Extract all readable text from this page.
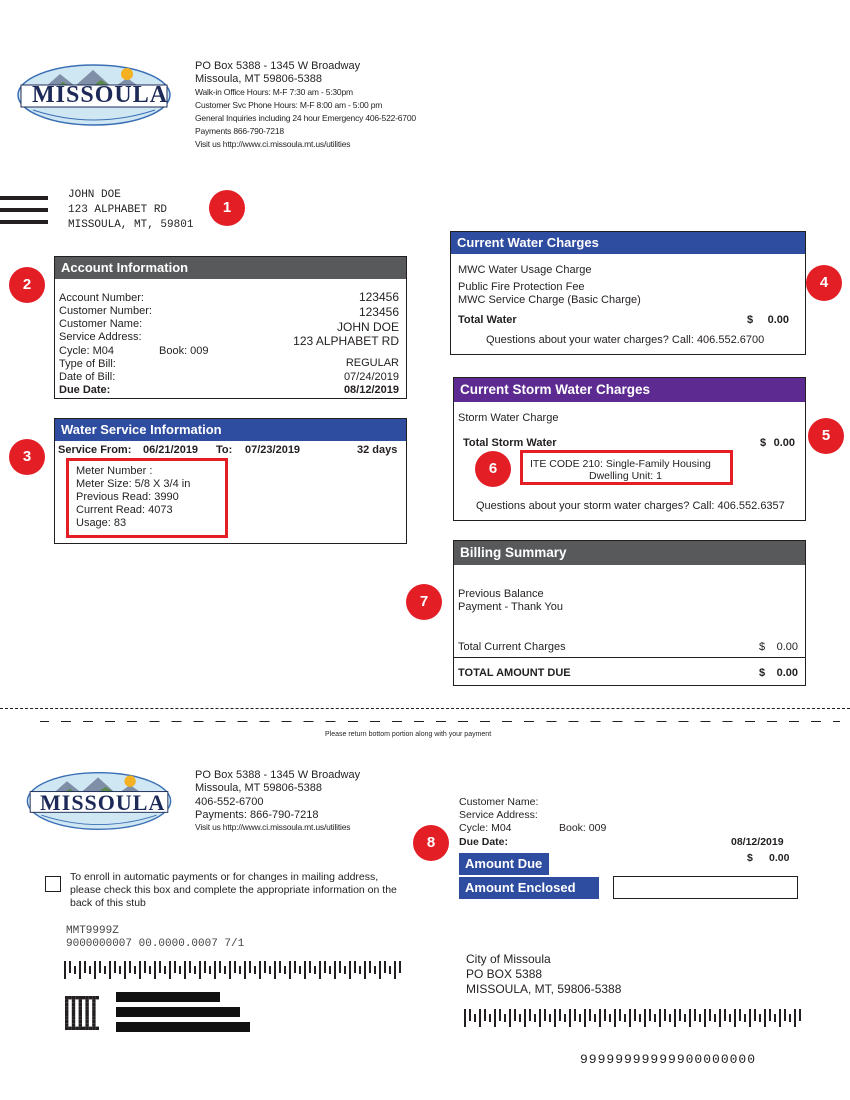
MISSOULA
PO Box 5388 - 1345 W Broadway
Missoula, MT 59806-5388
Walk-in Office Hours: M-F 7:30 am - 5:30pm
Customer Svc Phone Hours: M-F 8:00 am - 5:00 pm
General Inquiries including 24 hour Emergency 406-522-6700
Payments 866-790-7218
Visit us http://www.ci.missoula.mt.us/utilities
JOHN DOE
123 ALPHABET RD
MISSOULA, MT, 59801
Account Information
Account Number:	123456
Customer Number:	123456
Customer Name:	JOHN DOE
Service Address:	123 ALPHABET RD
Cycle: M04	Book: 009
Type of Bill:	REGULAR
Date of Bill:	07/24/2019
Due Date:	08/12/2019
Water Service Information
Service From: 06/21/2019 To: 07/23/2019	32 days
Meter Number :
Meter Size: 5/8 X 3/4 in
Previous Read: 3990
Current Read: 4073
Usage: 83
Current Water Charges
MWC Water Usage Charge
Public Fire Protection Fee
MWC Service Charge (Basic Charge)
Total Water	$ 0.00
Questions about your water charges? Call: 406.552.6700
Current Storm Water Charges
Storm Water Charge
Total Storm Water	$ 0.00
ITE CODE 210: Single-Family Housing
Dwelling Unit: 1
Questions about your storm water charges? Call: 406.552.6357
Billing Summary
Previous Balance
Payment - Thank You
Total Current Charges	$ 0.00
TOTAL AMOUNT DUE	$ 0.00
1
2
3
4
5
6
7
8
Please return bottom portion along with your payment
MISSOULA
PO Box 5388 - 1345 W Broadway
Missoula, MT 59806-5388
406-552-6700
Payments: 866-790-7218
Visit us http://www.ci.missoula.mt.us/utilities
Customer Name:
Service Address:
Cycle: M04	Book: 009
Due Date:	08/12/2019
Amount Due	$ 0.00
Amount Enclosed
To enroll in automatic payments or for changes in mailing address,
please check this box and complete the appropriate information on the
back of this stub
MMT9999Z
9000000007 00.0000.0007 7/1
City of Missoula
PO BOX 5388
MISSOULA, MT, 59806-5388
99999999999900000000
